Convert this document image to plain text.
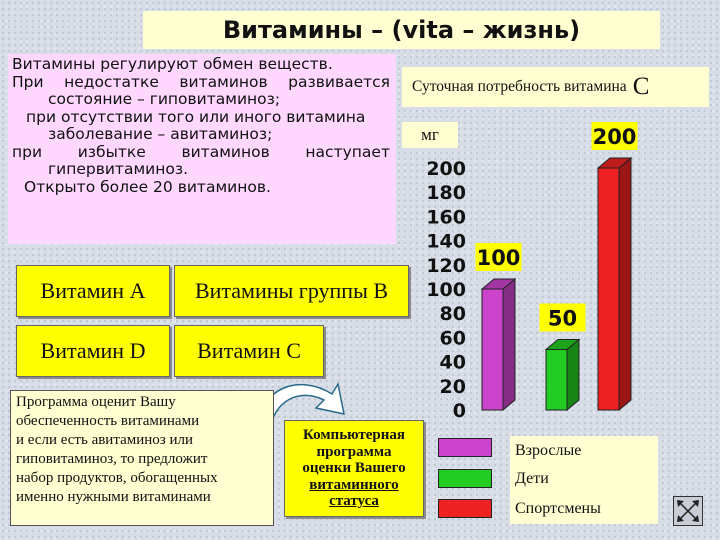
Витамины – (vita – жизнь)
Витамины регулируют обмен веществ.
При недостатке витаминов развивается
состояние – гиповитаминоз;
при отсутствии того или иного витамина
заболевание – авитаминоз;
при избытке витаминов наступает
гипервитаминоз.
Открыто более 20 витаминов.
Витамин А	Витамины группы В
Витамин D	Витамин С
Программа оценит Вашу
обеспеченность витаминами
и если есть авитаминоз или
гиповитаминоз, то предложит
набор продуктов, обогащенных
именно нужными витаминами
Компьютерная
программа
оценки Вашего
витаминного
статуса
Суточная потребность витамина С
мг
0
20
40
60
80
100
120
140
160
180
200
100
50
200
Взрослые
Дети
Спортсмены
